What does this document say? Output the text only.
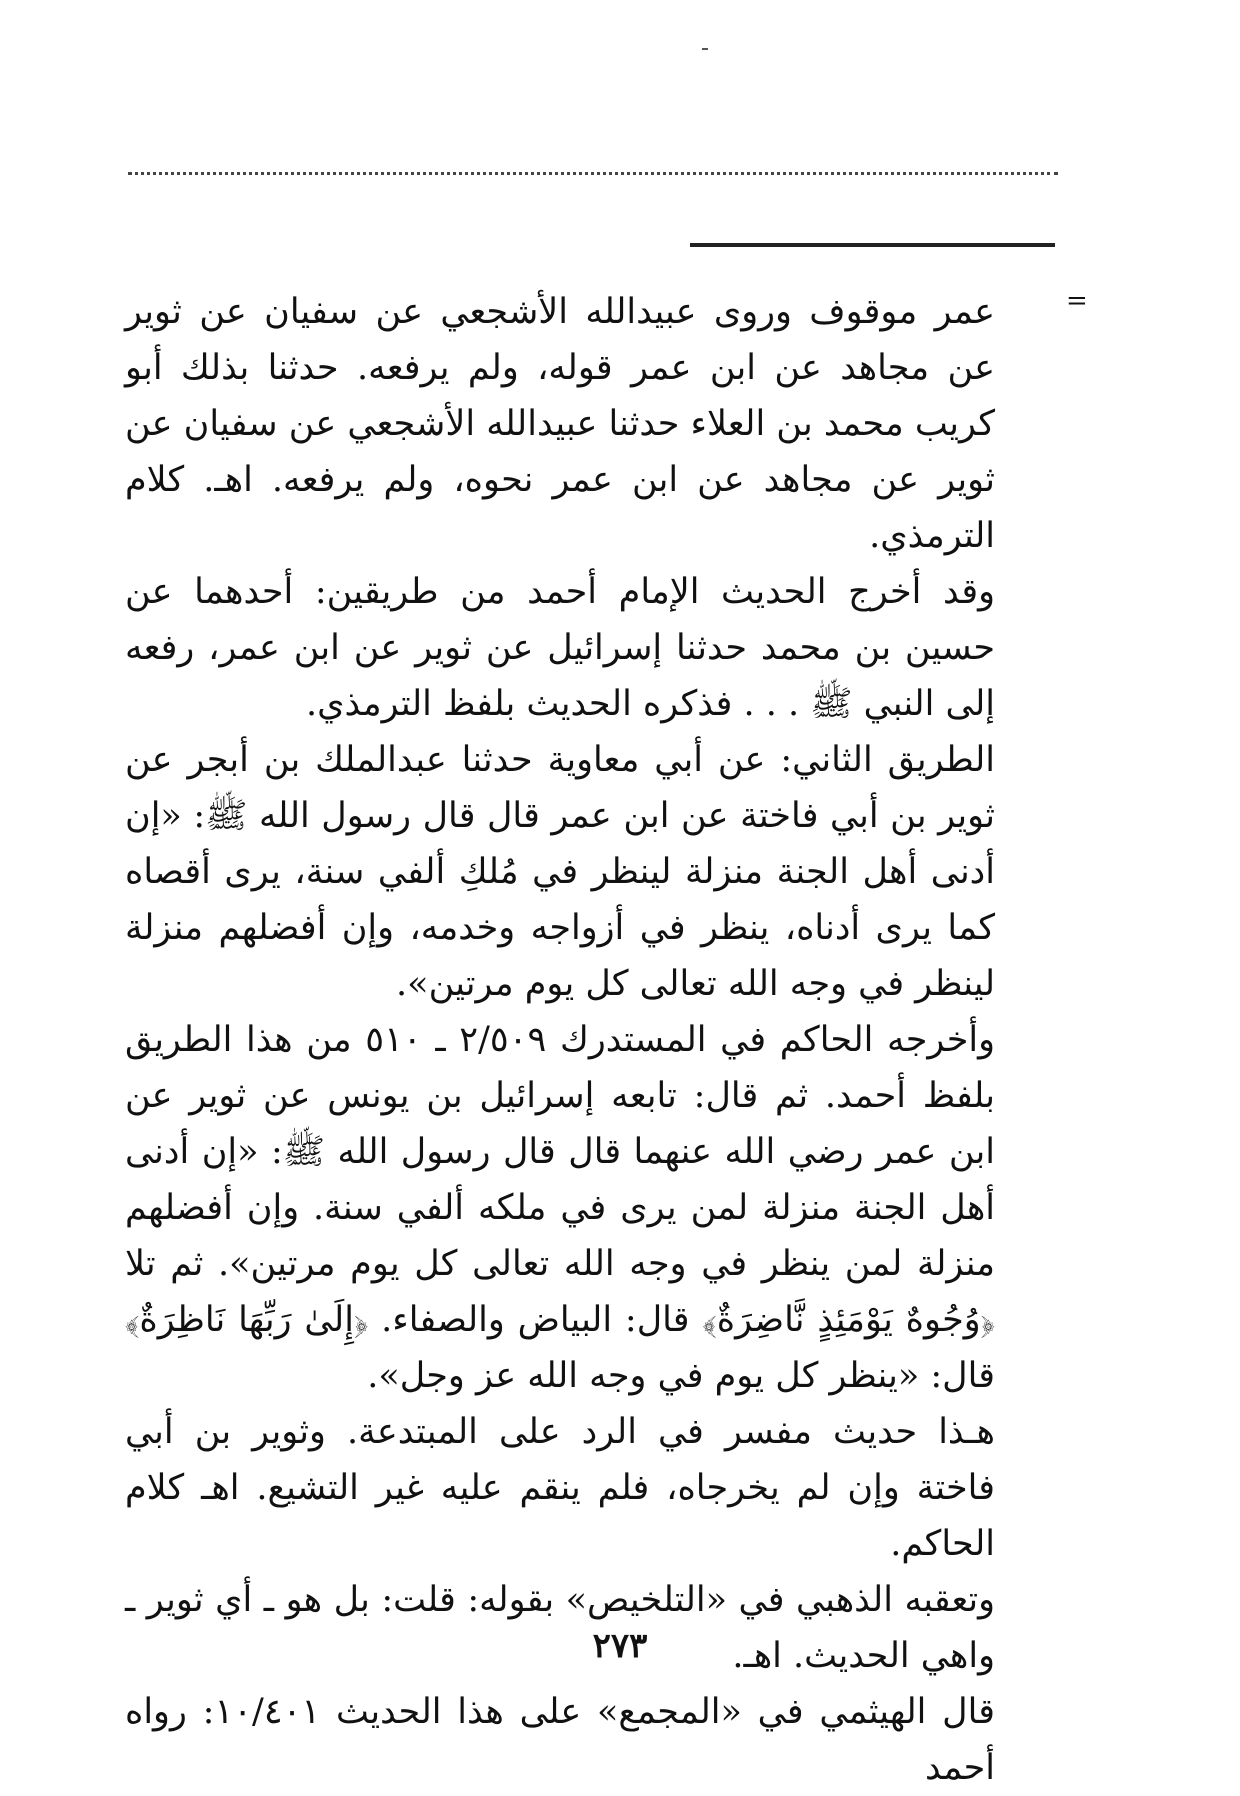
=

عمر موقوف وروى عبيدالله الأشجعي عن سفيان عن ثوير عن مجاهد عن ابن عمر قوله، ولم يرفعه. حدثنا بذلك أبو كريب محمد بن العلاء حدثنا عبيدالله الأشجعي عن سفيان عن ثوير عن مجاهد عن ابن عمر نحوه، ولم يرفعه. اهـ. كلام الترمذي.

وقد أخرج الحديث الإمام أحمد من طريقين: أحدهما عن حسين بن محمد حدثنا إسرائيل عن ثوير عن ابن عمر، رفعه إلى النبي ﷺ . . . فذكره الحديث بلفظ الترمذي.

الطريق الثاني: عن أبي معاوية حدثنا عبدالملك بن أبجر عن ثوير بن أبي فاختة عن ابن عمر قال قال رسول الله ﷺ: «إن أدنى أهل الجنة منزلة لينظر في مُلكِ ألفي سنة، يرى أقصاه كما يرى أدناه، ينظر في أزواجه وخدمه، وإن أفضلهم منزلة لينظر في وجه الله تعالى كل يوم مرتين».

وأخرجه الحاكم في المستدرك ٢/٥٠٩ ـ ٥١٠ من هذا الطريق بلفظ أحمد. ثم قال: تابعه إسرائيل بن يونس عن ثوير عن ابن عمر رضي الله عنهما قال قال رسول الله ﷺ: «إن أدنى أهل الجنة منزلة لمن يرى في ملكه ألفي سنة. وإن أفضلهم منزلة لمن ينظر في وجه الله تعالى كل يوم مرتين». ثم تلا ﴿وُجُوهٌ يَوْمَئِذٍ نَّاضِرَةٌ﴾ قال: البياض والصفاء. ﴿إِلَىٰ رَبِّهَا نَاظِرَةٌ﴾ قال: «ينظر كل يوم في وجه الله عز وجل».

هـذا حديث مفسر في الرد على المبتدعة. وثوير بن أبي فاختة وإن لم يخرجاه، فلم ينقم عليه غير التشيع. اهـ كلام الحاكم.

وتعقبه الذهبي في «التلخيص» بقوله: قلت: بل هو ـ أي ثوير ـ واهي الحديث. اهـ.

قال الهيثمي في «المجمع» على هذا الحديث ١٠/٤٠١: رواه أحمد

٢٧٣
